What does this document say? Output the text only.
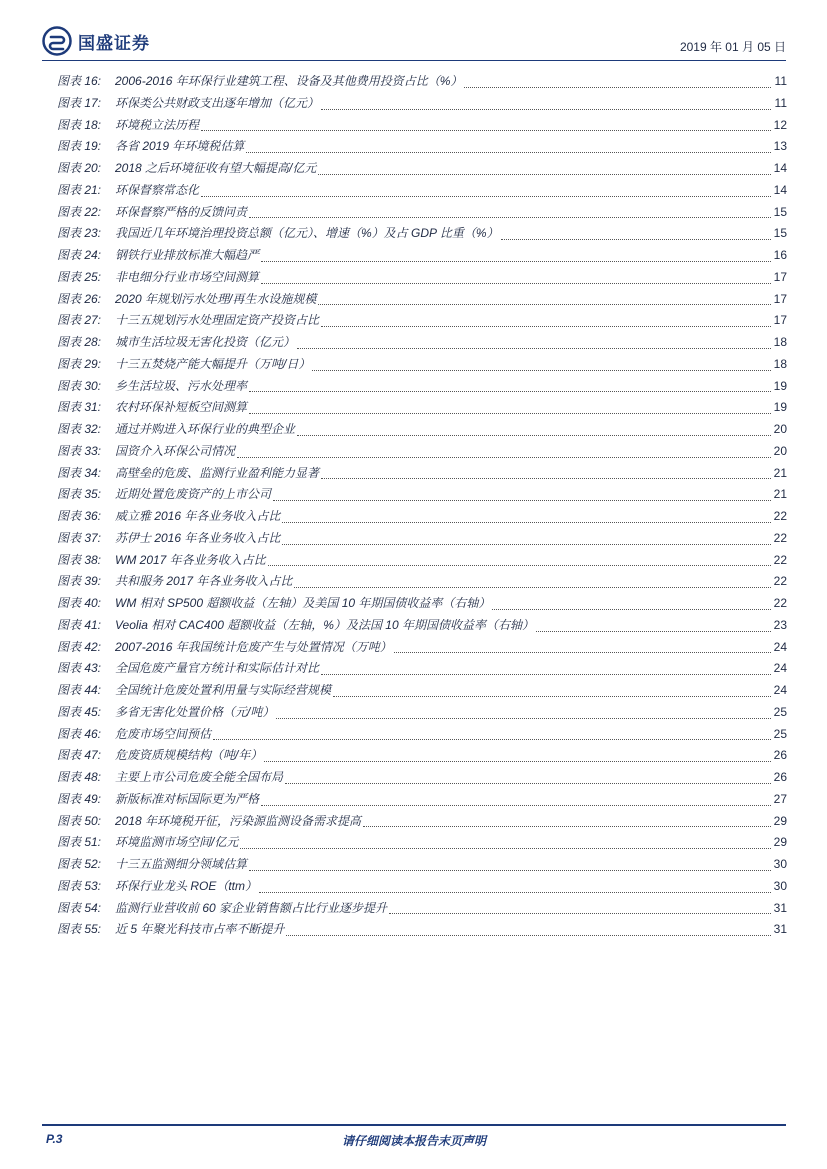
国盛证券	2019 年 01 月 05 日
图表 16:	2006-2016 年环保行业建筑工程、设备及其他费用投资占比（%）	11
图表 17:	环保类公共财政支出逐年增加（亿元）	11
图表 18:	环境税立法历程	12
图表 19:	各省 2019 年环境税估算	13
图表 20:	2018 之后环境征收有望大幅提高/亿元	14
图表 21:	环保督察常态化	14
图表 22:	环保督察严格的反馈问责	15
图表 23:	我国近几年环境治理投资总额（亿元）、增速（%）及占 GDP 比重（%）	15
图表 24:	钢铁行业排放标准大幅趋严	16
图表 25:	非电细分行业市场空间测算	17
图表 26:	2020 年规划污水处理/再生水设施规模	17
图表 27:	十三五规划污水处理固定资产投资占比	17
图表 28:	城市生活垃圾无害化投资（亿元）	18
图表 29:	十三五焚烧产能大幅提升（万吨/日）	18
图表 30:	乡生活垃圾、污水处理率	19
图表 31:	农村环保补短板空间测算	19
图表 32:	通过并购进入环保行业的典型企业	20
图表 33:	国资介入环保公司情况	20
图表 34:	高壁垒的危废、监测行业盈利能力显著	21
图表 35:	近期处置危废资产的上市公司	21
图表 36:	威立雅 2016 年各业务收入占比	22
图表 37:	苏伊士 2016 年各业务收入占比	22
图表 38:	WM 2017 年各业务收入占比	22
图表 39:	共和服务 2017 年各业务收入占比	22
图表 40:	WM 相对 SP500 超额收益（左轴）及美国 10 年期国债收益率（右轴）	22
图表 41:	Veolia 相对 CAC400 超额收益（左轴，%）及法国 10 年期国债收益率（右轴）	23
图表 42:	2007-2016 年我国统计危废产生与处置情况（万吨）	24
图表 43:	全国危废产量官方统计和实际估计对比	24
图表 44:	全国统计危废处置利用量与实际经营规模	24
图表 45:	多省无害化处置价格（元/吨）	25
图表 46:	危废市场空间预估	25
图表 47:	危废资质规模结构（吨/年）	26
图表 48:	主要上市公司危废全能全国布局	26
图表 49:	新版标准对标国际更为严格	27
图表 50:	2018 年环境税开征，污染源监测设备需求提高	29
图表 51:	环境监测市场空间/亿元	29
图表 52:	十三五监测细分领域估算	30
图表 53:	环保行业龙头 ROE（ttm）	30
图表 54:	监测行业营收前 60 家企业销售额占比行业逐步提升	31
图表 55:	近 5 年聚光科技市占率不断提升	31
P.3	请仔细阅读本报告末页声明
